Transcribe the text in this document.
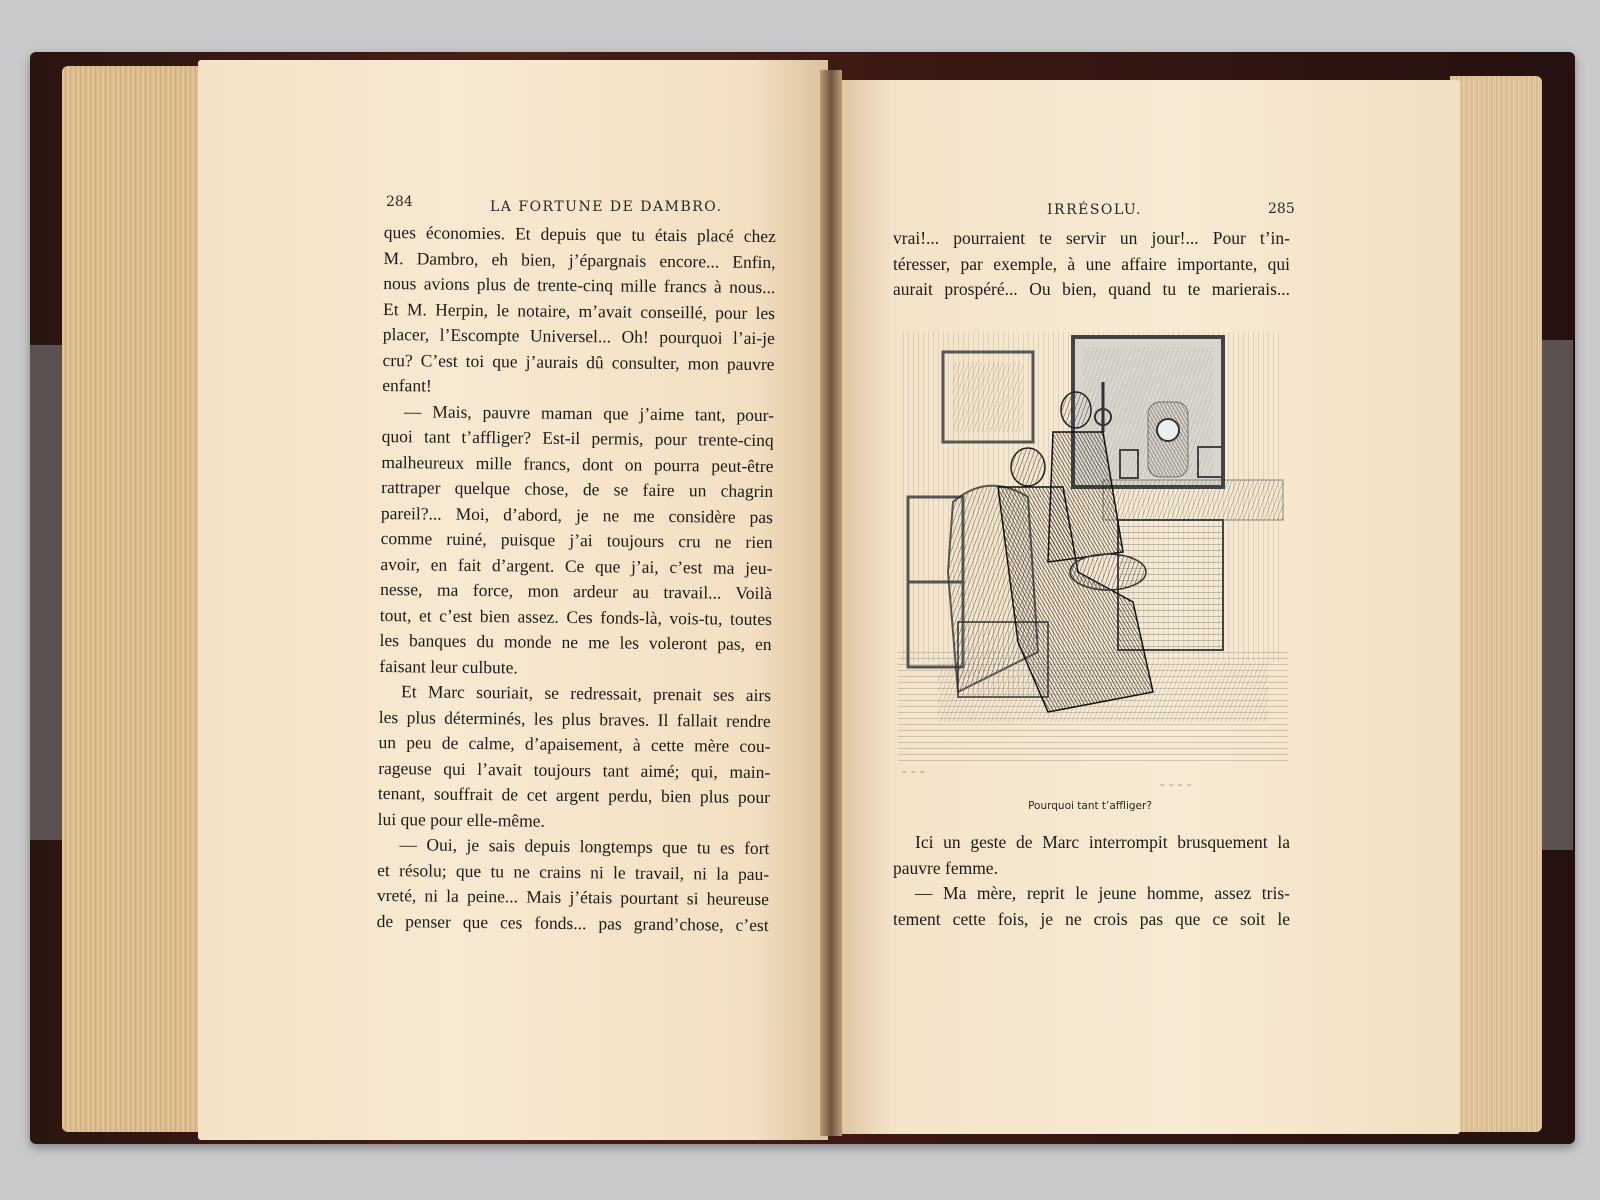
284	LA FORTUNE DE DAMBRO.
ques économies. Et depuis que tu étais placé chez
M. Dambro, eh bien, j’épargnais encore... Enfin,
nous avions plus de trente-cinq mille francs à nous...
Et M. Herpin, le notaire, m’avait conseillé, pour les
placer, l’Escompte Universel... Oh! pourquoi l’ai-je
cru? C’est toi que j’aurais dû consulter, mon pauvre
enfant!
— Mais, pauvre maman que j’aime tant, pour-
quoi tant t’affliger? Est-il permis, pour trente-cinq
malheureux mille francs, dont on pourra peut-être
rattraper quelque chose, de se faire un chagrin
pareil?... Moi, d’abord, je ne me considère pas
comme ruiné, puisque j’ai toujours cru ne rien
avoir, en fait d’argent. Ce que j’ai, c’est ma jeu-
nesse, ma force, mon ardeur au travail... Voilà
tout, et c’est bien assez. Ces fonds-là, vois-tu, toutes
les banques du monde ne me les voleront pas, en
faisant leur culbute.
Et Marc souriait, se redressait, prenait ses airs
les plus déterminés, les plus braves. Il fallait rendre
un peu de calme, d’apaisement, à cette mère cou-
rageuse qui l’avait toujours tant aimé; qui, main-
tenant, souffrait de cet argent perdu, bien plus pour
lui que pour elle-même.
— Oui, je sais depuis longtemps que tu es fort
et résolu; que tu ne crains ni le travail, ni la pau-
vreté, ni la peine... Mais j’étais pourtant si heureuse
de penser que ces fonds... pas grand’chose, c’est
IRRÉSOLU.	285
vrai!... pourraient te servir un jour!... Pour t’in-
téresser, par exemple, à une affaire importante, qui
aurait prospéré... Ou bien, quand tu te marierais...
~ ~ ~
~ ~ ~ ~
Pourquoi tant t’affliger?
Ici un geste de Marc interrompit brusquement la
pauvre femme.
— Ma mère, reprit le jeune homme, assez tris-
tement cette fois, je ne crois pas que ce soit le
